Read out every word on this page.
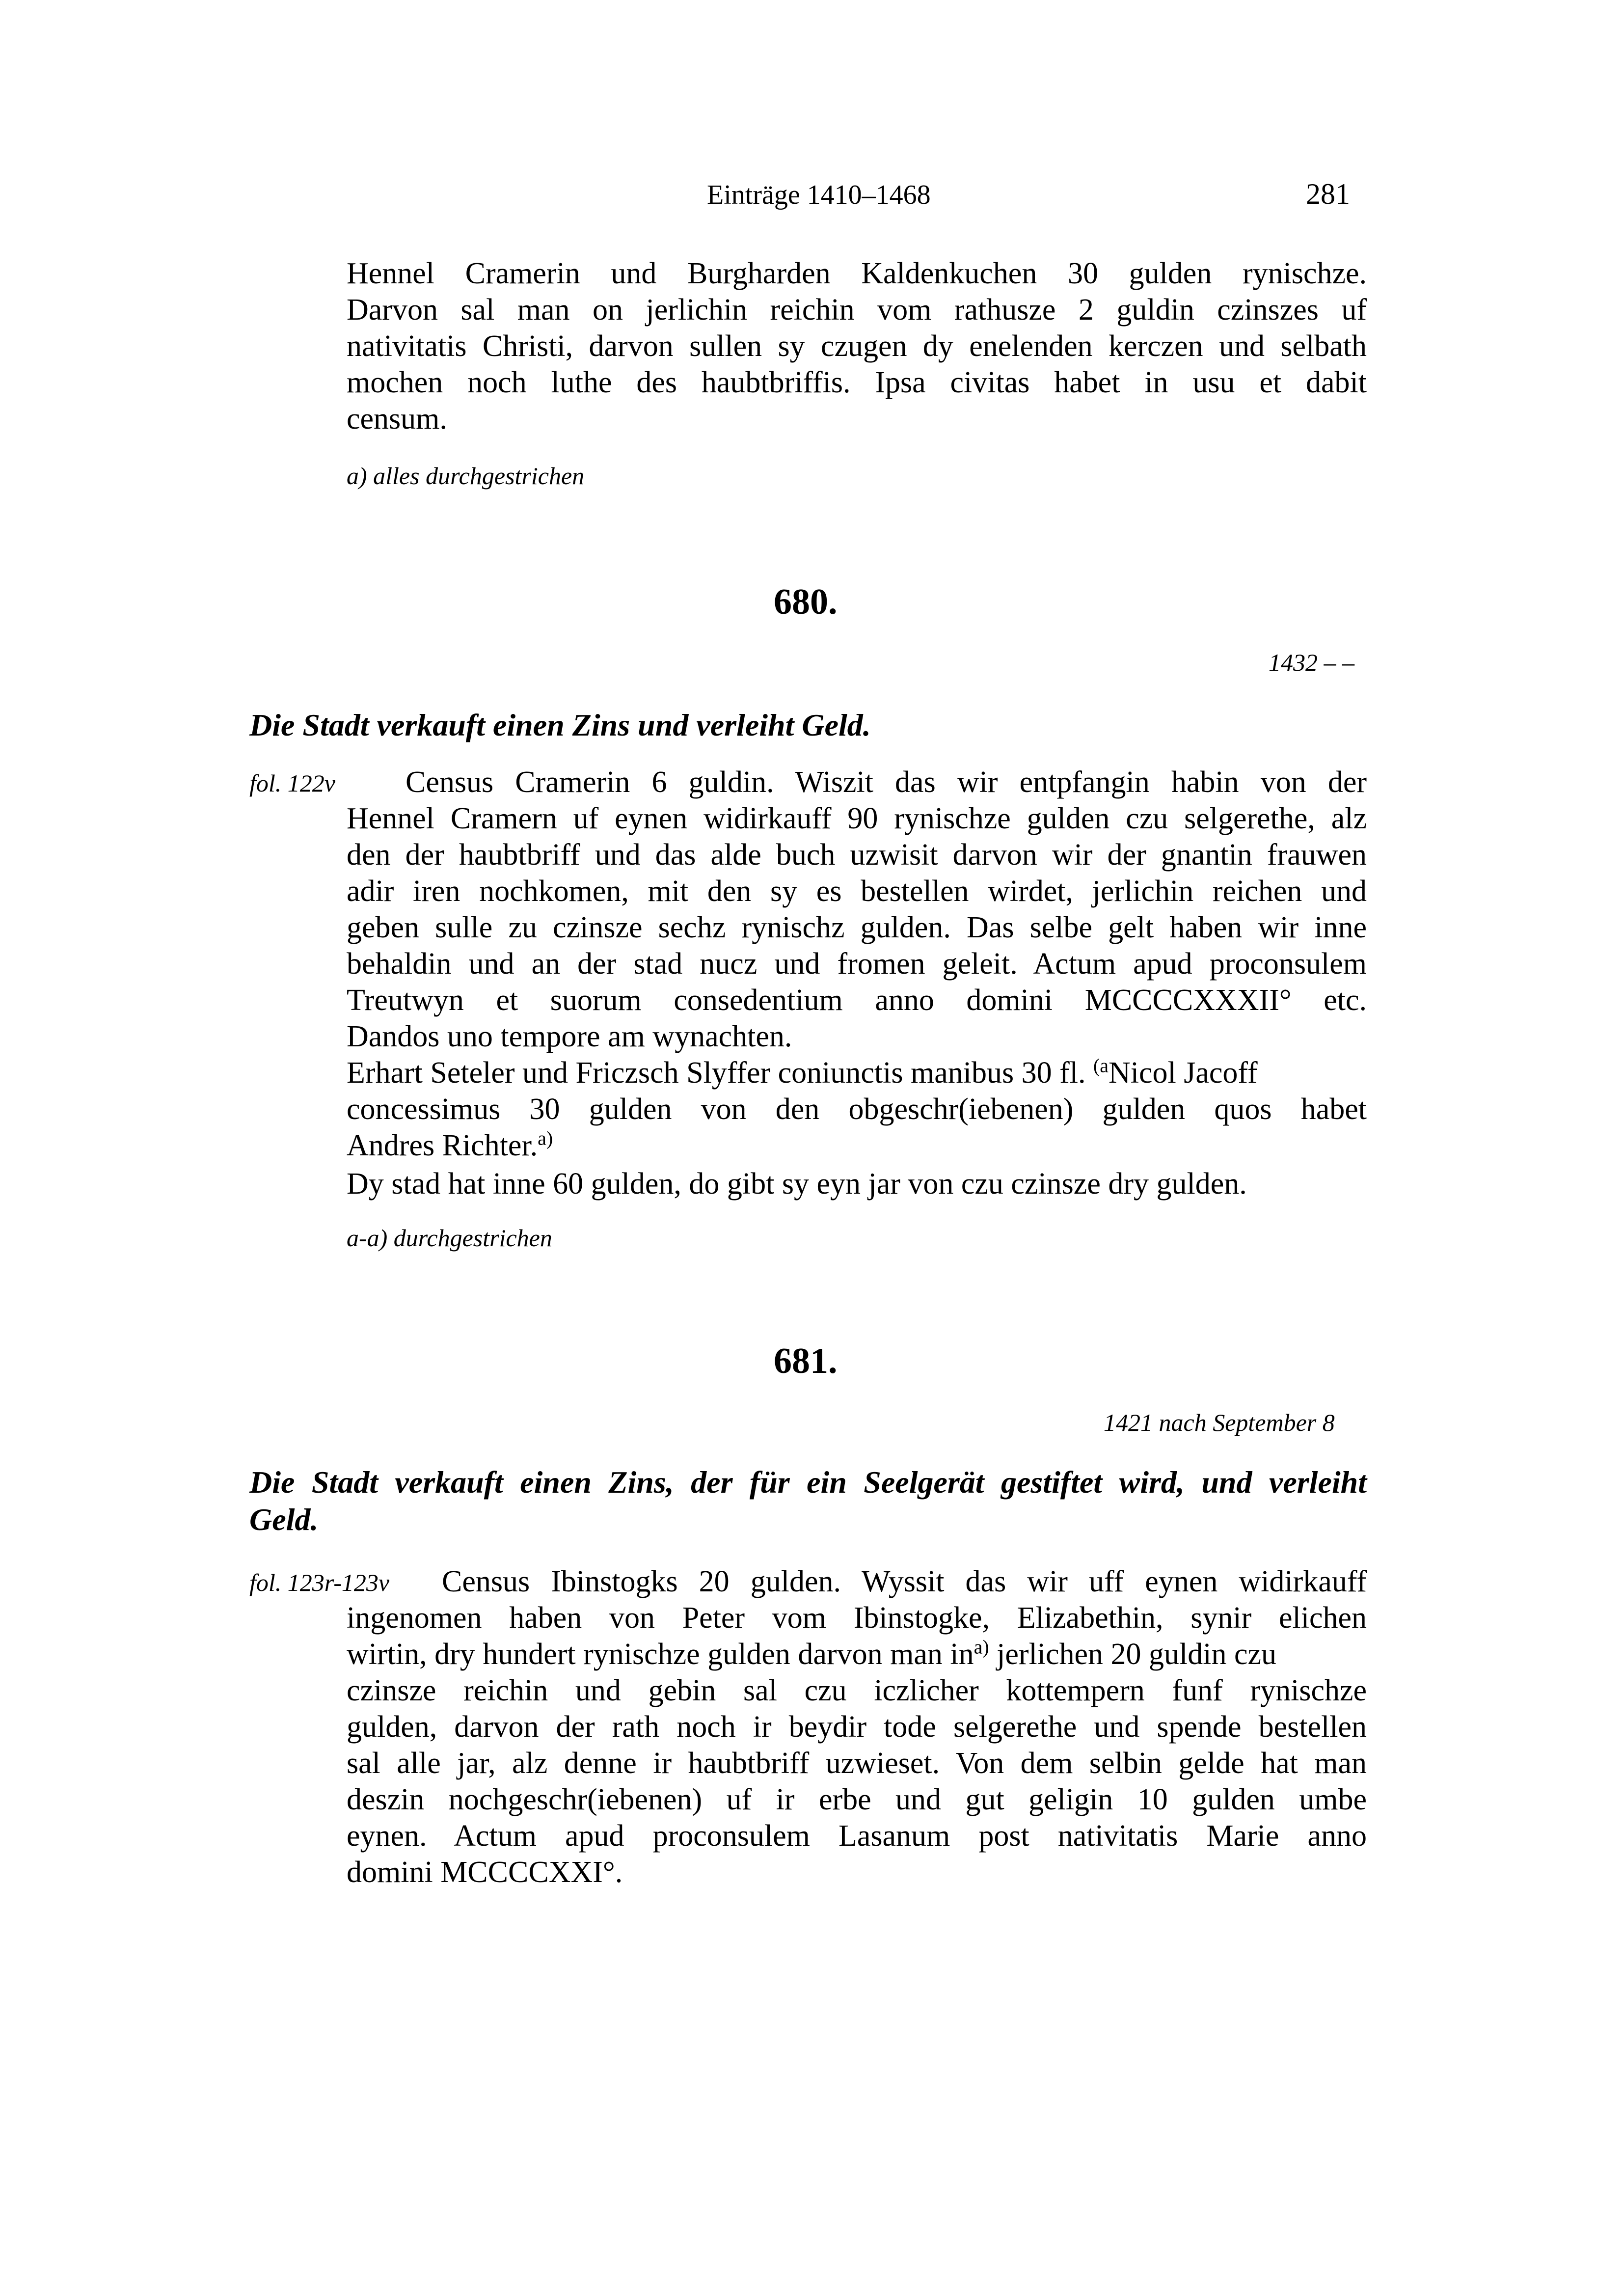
Einträge 1410–1468	281
Hennel Cramerin und Burgharden Kaldenkuchen 30 gulden rynischze.
Darvon sal man on jerlichin reichin vom rathusze 2 guldin czinszes uf
nativitatis Christi, darvon sullen sy czugen dy enelenden kerczen und selbath
mochen noch luthe des haubtbriffis. Ipsa civitas habet in usu et dabit
censum.
a) alles durchgestrichen
680.
1432 – –
Die Stadt verkauft einen Zins und verleiht Geld.
fol. 122v Census Cramerin 6 guldin. Wiszit das wir entpfangin habin von der
Hennel Cramern uf eynen widirkauff 90 rynischze gulden czu selgerethe, alz
den der haubtbriff und das alde buch uzwisit darvon wir der gnantin frauwen
adir iren nochkomen, mit den sy es bestellen wirdet, jerlichin reichen und
geben sulle zu czinsze sechz rynischz gulden. Das selbe gelt haben wir inne
behaldin und an der stad nucz und fromen geleit. Actum apud proconsulem
Treutwyn et suorum consedentium anno domini MCCCCXXXII° etc.
Dandos uno tempore am wynachten.
Erhart Seteler und Friczsch Slyffer coniunctis manibus 30 fl. $^{(a}$Nicol Jacoff
concessimus 30 gulden von den obgeschr(iebenen) gulden quos habet
Andres Richter.$^{a)}$
Dy stad hat inne 60 gulden, do gibt sy eyn jar von czu czinsze dry gulden.
a-a) durchgestrichen
681.
1421 nach September 8
Die Stadt verkauft einen Zins, der für ein Seelgerät gestiftet wird, und verleiht
Geld.
fol. 123r-123v Census Ibinstogks 20 gulden. Wyssit das wir uff eynen widirkauff
ingenomen haben von Peter vom Ibinstogke, Elizabethin, synir elichen
wirtin, dry hundert rynischze gulden darvon man $in^{a)}$ jerlichen 20 guldin czu
czinsze reichin und gebin sal czu iczlicher kottempern funf rynischze
gulden, darvon der rath noch ir beydir tode selgerethe und spende bestellen
sal alle jar, alz denne ir haubtbriff uzwieset. Von dem selbin gelde hat man
deszin nochgeschr(iebenen) uf ir erbe und gut geligin 10 gulden umbe
eynen. Actum apud proconsulem Lasanum post nativitatis Marie anno
domini MCCCCXXI°.
